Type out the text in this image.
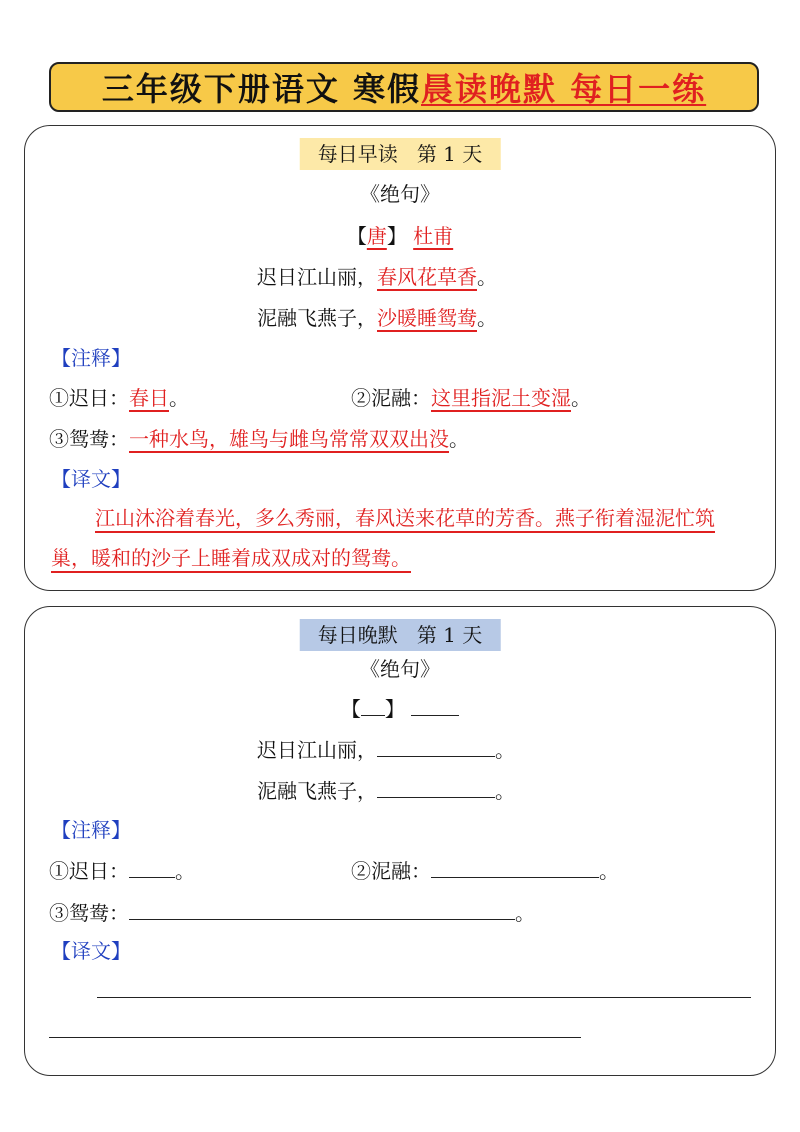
三年级下册语文 寒假 晨读晚默 每日一练
每日早读   第 1 天
《绝句》
【唐】 杜甫
迟日江山丽，春风花草香。
泥融飞燕子，沙暖睡鸳鸯。
【注释】
①迟日：春日。	②泥融：这里指泥土变湿。
③鸳鸯：一种水鸟，雄鸟与雌鸟常常双双出没。
【译文】
江山沐浴着春光，多么秀丽，春风送来花草的芳香。燕子衔着湿泥忙筑巢，暖和的沙子上睡着成双成对的鸳鸯。
每日晚默   第 1 天
《绝句》
【 】
迟日江山丽，	。
泥融飞燕子，	。
【注释】
①迟日： 。	②泥融：	。
③鸳鸯：	。
【译文】
